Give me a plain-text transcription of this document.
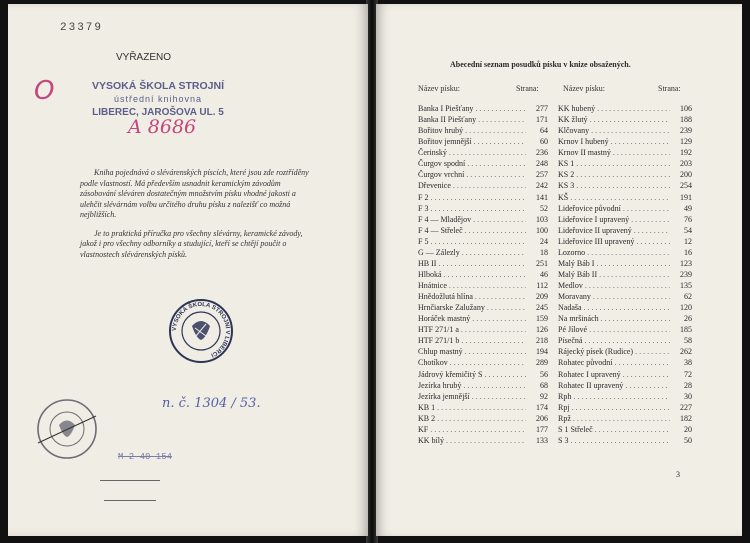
23379
VYŘAZENO
O	VYSOKÁ ŠKOLA STROJNÍ
ústřední knihovna
LIBEREC, JAROŠOVA UL. 5
A 8686

Kniha pojednává o slévárenských píscích, které jsou zde roztříděny podle vlastností. Má především usnadnit keramickým závodům zásobování sléváren dostatečným množstvím písku vhodné jakosti a ulehčit slévárnám volbu určitého druhu písku z nalezišť co možná nejbližších.

Je to praktická příručka pro všechny slévárny, keramické závody, jakož i pro všechny odborníky a studující, kteří se chtějí poučit o vlastnostech slévárenských písků.

VYSOKÁ ŠKOLA STROJNÍ V LIBERCI
n. č. 1304 / 53.
M 2 40 154
Abecední seznam posudků písku v knize obsažených.
Název písku:	Strana:	Název písku:	Strana:
Banka I Piešťany . . .	277
Banka II Piešťany . . .	171
Bořitov hrubý . . .	64
Bořitov jemnější . . .	60
Čerinský . . .	236
Čurgov spodní . . .	248
Čurgov vrchní . . .	257
Dřevenice . . .	242
F 2 . . .	141
F 3 . . .	52
F 4 — Mladějov . . .	103
F 4 — Střeleč . . .	100
F 5 . . .	24
G — Zálezly . . .	18
HB II . . .	251
Hlboká . . .	46
Hnátnice . . .	112
Hnědožlutá hlína . . .	209
Hrnčiarske Zalužany . . .	245
Horáček mastný . . .	159
HTF 271/1 a . . .	126
HTF 271/1 b . . .	218
Chlup mastný . . .	194
Chotíkov . . .	289
Jádrový křemičitý S . . .	56
Jezírka hrubý . . .	68
Jezírka jemnější . . .	92
KB 1 . . .	174
KB 2 . . .	206
KF . . .	177
KK bílý . . .	133
KK hubený . . .	106
KK žlutý . . .	188
Klčovany . . .	239
Krnov I hubený . . .	129
Krnov II mastný . . .	192
KS 1 . . .	203
KS 2 . . .	200
KS 3 . . .	254
KŠ . . .	191
Lideřovice původní . . .	49
Lideřovice I upravený . . .	76
Lideřovice II upravený . . .	54
Lideřovice III upravený . . .	12
Lozorno . . .	16
Malý Báb I . . .	123
Malý Báb II . . .	239
Medlov . . .	135
Moravany . . .	62
Nadaša . . .	120
Na mršinách . . .	26
Pé Jílové . . .	185
Písečná . . .	58
Rájecký písek (Rudice) . . .	262
Rohatec původní . . .	38
Rohatec I upravený . . .	72
Rohatec II upravený . . .	28
Rph . . .	30
Rpj . . .	227
Rpž . . .	182
S 1 Střeleč . . .	20
S 3 . . .	50
3
